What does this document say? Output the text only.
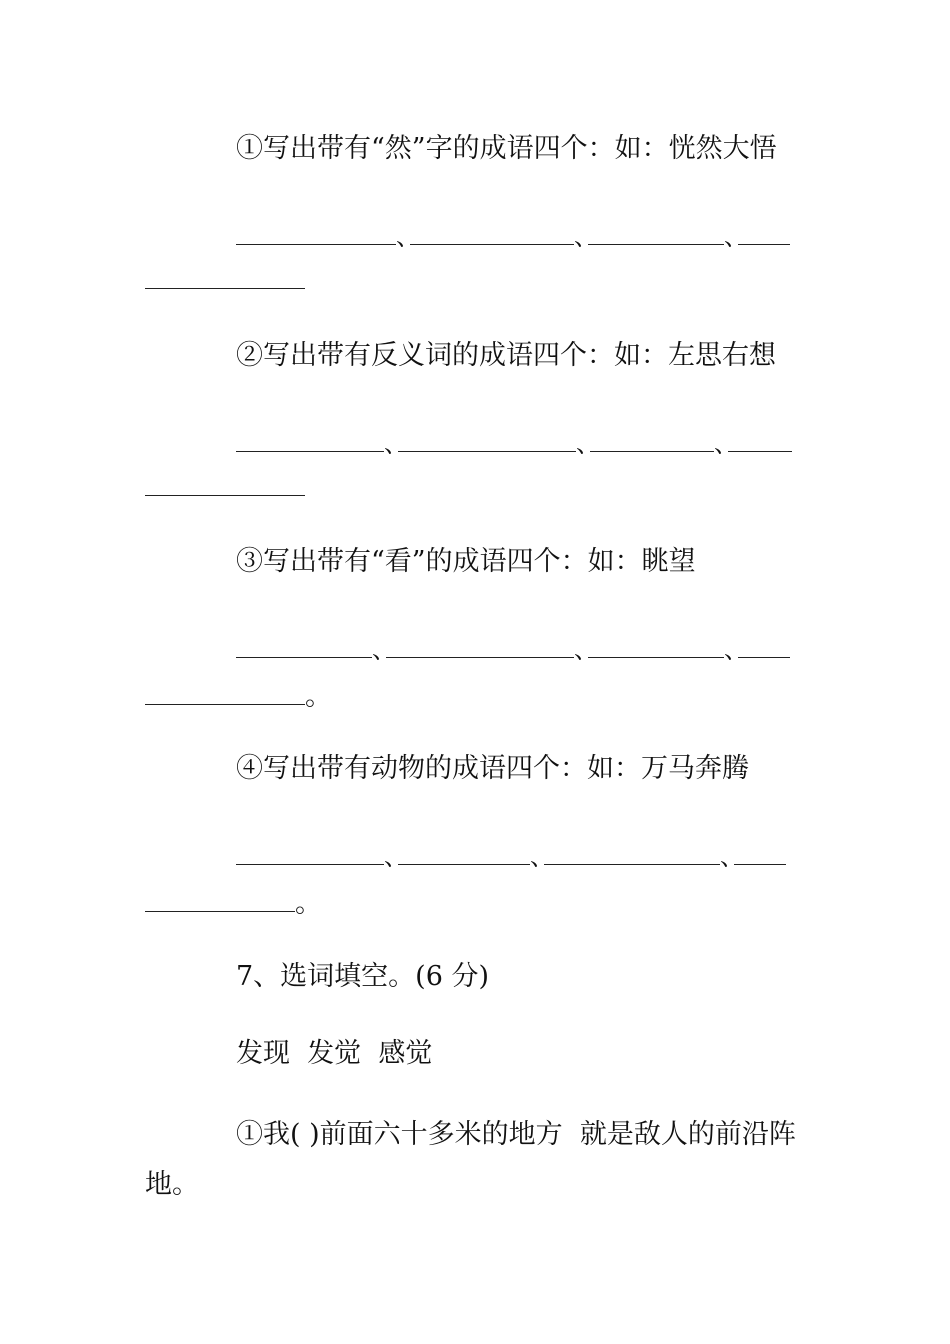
①写出带有“然”字的成语四个：如：恍然大悟
、	、	、
②写出带有反义词的成语四个：如：左思右想
、	、	、
③写出带有“看”的成语四个：如：眺望
、	、	、
。
④写出带有动物的成语四个：如：万马奔腾
、	、	、
。
7、选词填空。(6 分)
发现  发觉  感觉
①我( )前面六十多米的地方  就是敌人的前沿阵
地。
